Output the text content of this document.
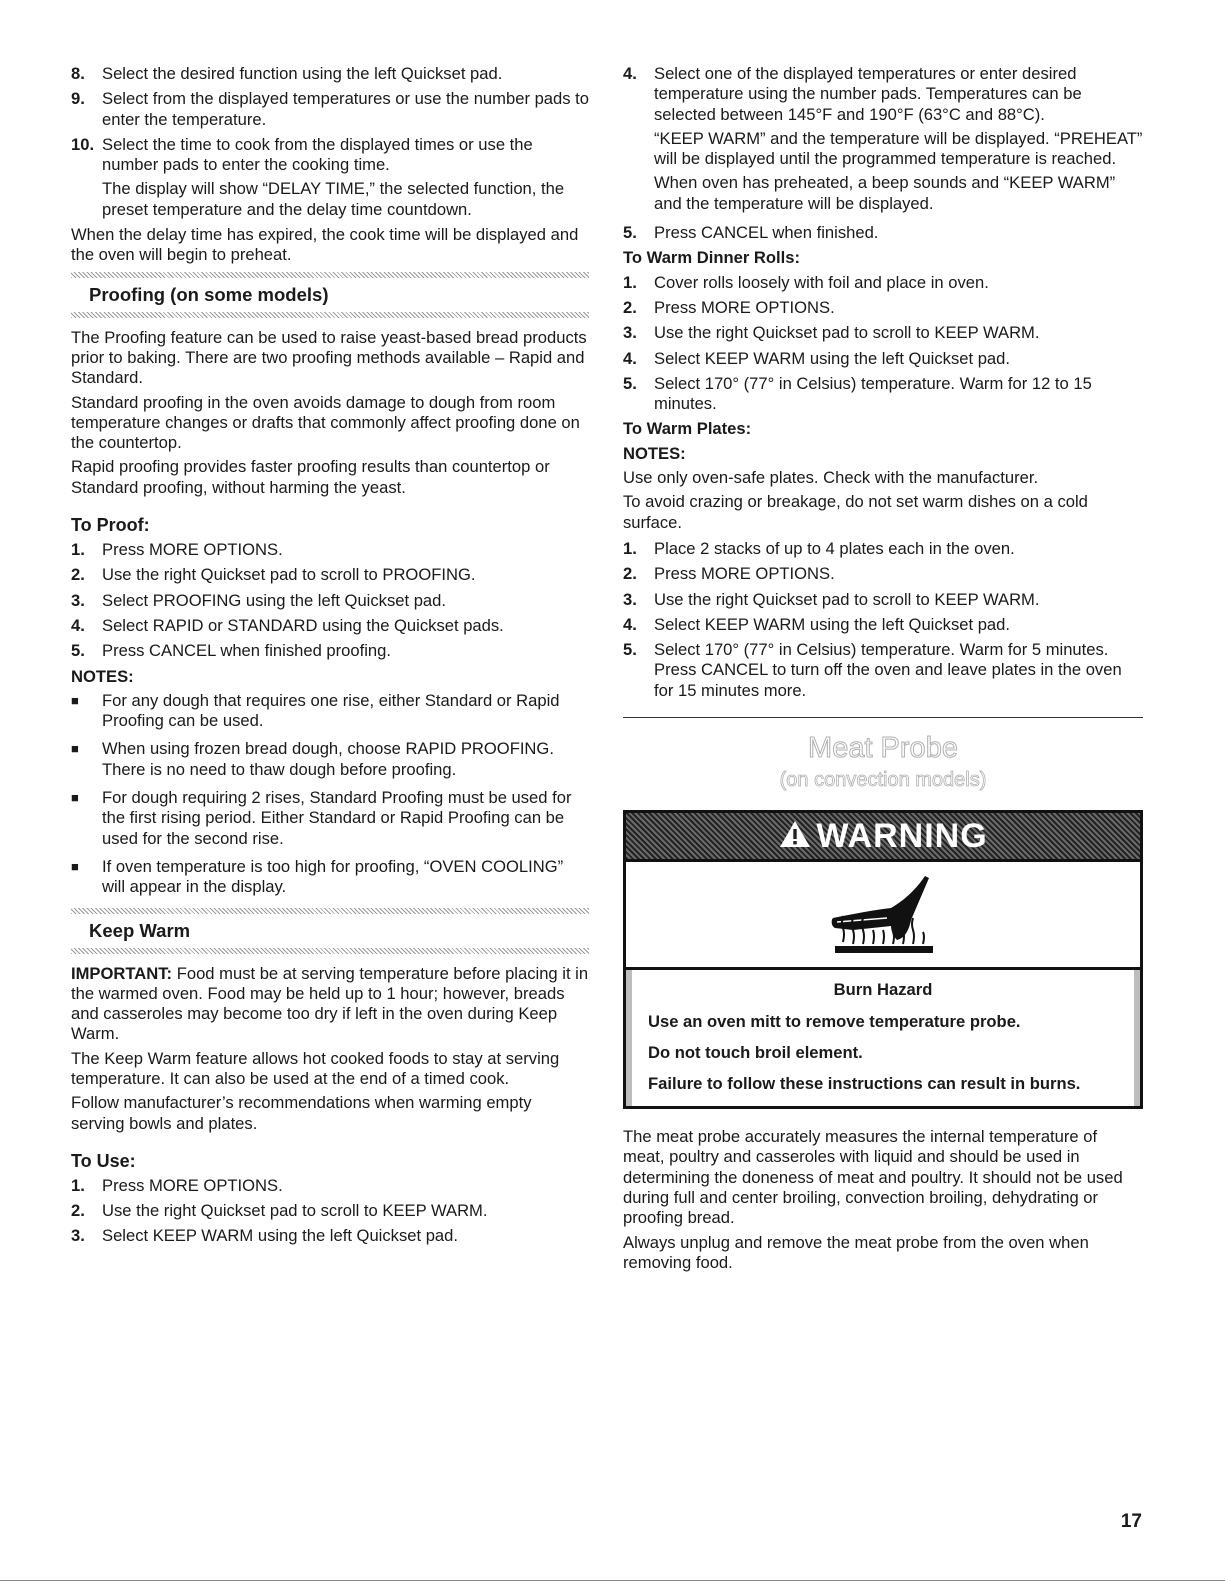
8.	Select the desired function using the left Quickset pad.
9.	Select from the displayed temperatures or use the number pads to enter the temperature.
10. Select the time to cook from the displayed times or use the number pads to enter the cooking time.

The display will show “DELAY TIME,” the selected function, the preset temperature and the delay time countdown.

When the delay time has expired, the cook time will be displayed and the oven will begin to preheat.

Proofing (on some models)

The Proofing feature can be used to raise yeast-based bread products prior to baking. There are two proofing methods available – Rapid and Standard.

Standard proofing in the oven avoids damage to dough from room temperature changes or drafts that commonly affect proofing done on the countertop.

Rapid proofing provides faster proofing results than countertop or Standard proofing, without harming the yeast.

To Proof:
1.	Press MORE OPTIONS.
2.	Use the right Quickset pad to scroll to PROOFING.
3.	Select PROOFING using the left Quickset pad.
4.	Select RAPID or STANDARD using the Quickset pads.
5.	Press CANCEL when finished proofing.
NOTES:
■	For any dough that requires one rise, either Standard or Rapid Proofing can be used.
■	When using frozen bread dough, choose RAPID PROOFING. There is no need to thaw dough before proofing.
■	For dough requiring 2 rises, Standard Proofing must be used for the first rising period. Either Standard or Rapid Proofing can be used for the second rise.
■	If oven temperature is too high for proofing, “OVEN COOLING” will appear in the display.
Keep Warm

IMPORTANT: Food must be at serving temperature before placing it in the warmed oven. Food may be held up to 1 hour; however, breads and casseroles may become too dry if left in the oven during Keep Warm.

The Keep Warm feature allows hot cooked foods to stay at serving temperature. It can also be used at the end of a timed cook.

Follow manufacturer’s recommendations when warming empty serving bowls and plates.

To Use:
1.	Press MORE OPTIONS.
2.	Use the right Quickset pad to scroll to KEEP WARM.
3.	Select KEEP WARM using the left Quickset pad.
4.	Select one of the displayed temperatures or enter desired temperature using the number pads. Temperatures can be selected between 145°F and 190°F (63°C and 88°C).

“KEEP WARM” and the temperature will be displayed. “PREHEAT” will be displayed until the programmed temperature is reached.

When oven has preheated, a beep sounds and “KEEP WARM” and the temperature will be displayed.

5.	Press CANCEL when finished.
To Warm Dinner Rolls:
1.	Cover rolls loosely with foil and place in oven.
2.	Press MORE OPTIONS.
3.	Use the right Quickset pad to scroll to KEEP WARM.
4.	Select KEEP WARM using the left Quickset pad.
5.	Select 170° (77° in Celsius) temperature. Warm for 12 to 15 minutes.
To Warm Plates:
NOTES:

Use only oven-safe plates. Check with the manufacturer.

To avoid crazing or breakage, do not set warm dishes on a cold surface.

1.	Place 2 stacks of up to 4 plates each in the oven.
2.	Press MORE OPTIONS.
3.	Use the right Quickset pad to scroll to KEEP WARM.
4.	Select KEEP WARM using the left Quickset pad.
5.	Select 170° (77° in Celsius) temperature. Warm for 5 minutes. Press CANCEL to turn off the oven and leave plates in the oven for 15 minutes more.
Meat Probe
(on convection models)
WARNING
Burn Hazard
Use an oven mitt to remove temperature probe.
Do not touch broil element.
Failure to follow these instructions can result in burns.

The meat probe accurately measures the internal temperature of meat, poultry and casseroles with liquid and should be used in determining the doneness of meat and poultry. It should not be used during full and center broiling, convection broiling, dehydrating or proofing bread.

Always unplug and remove the meat probe from the oven when removing food.

17
